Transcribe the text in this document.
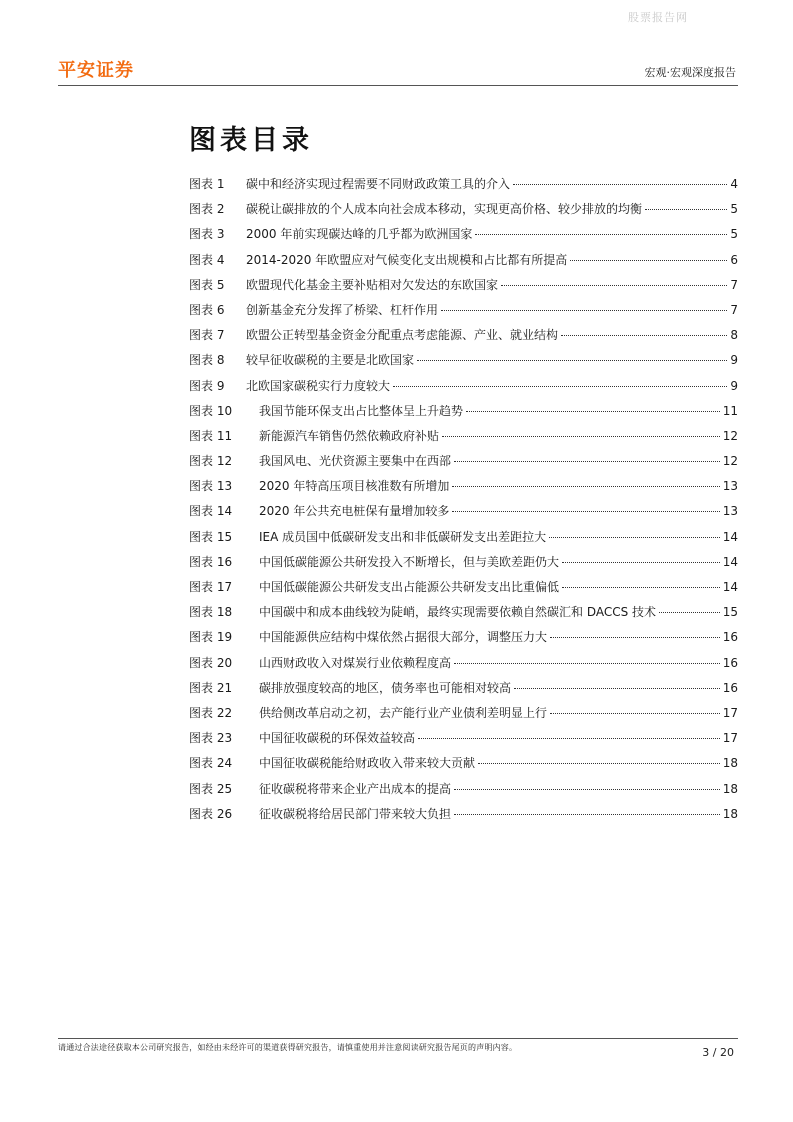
股票报告网
平安证券	宏观·宏观深度报告
图表目录
图表 1	碳中和经济实现过程需要不同财政政策工具的介入	4
图表 2	碳税让碳排放的个人成本向社会成本移动，实现更高价格、较少排放的均衡	5
图表 3	2000 年前实现碳达峰的几乎都为欧洲国家	5
图表 4	2014-2020 年欧盟应对气候变化支出规模和占比都有所提高	6
图表 5	欧盟现代化基金主要补贴相对欠发达的东欧国家	7
图表 6	创新基金充分发挥了桥梁、杠杆作用	7
图表 7	欧盟公正转型基金资金分配重点考虑能源、产业、就业结构	8
图表 8	较早征收碳税的主要是北欧国家	9
图表 9	北欧国家碳税实行力度较大	9
图表 10	我国节能环保支出占比整体呈上升趋势	11
图表 11	新能源汽车销售仍然依赖政府补贴	12
图表 12	我国风电、光伏资源主要集中在西部	12
图表 13	2020 年特高压项目核准数有所增加	13
图表 14	2020 年公共充电桩保有量增加较多	13
图表 15	IEA 成员国中低碳研发支出和非低碳研发支出差距拉大	14
图表 16	中国低碳能源公共研发投入不断增长，但与美欧差距仍大	14
图表 17	中国低碳能源公共研发支出占能源公共研发支出比重偏低	14
图表 18	中国碳中和成本曲线较为陡峭，最终实现需要依赖自然碳汇和 DACCS 技术	15
图表 19	中国能源供应结构中煤依然占据很大部分，调整压力大	16
图表 20	山西财政收入对煤炭行业依赖程度高	16
图表 21	碳排放强度较高的地区，债务率也可能相对较高	16
图表 22	供给侧改革启动之初，去产能行业产业债利差明显上行	17
图表 23	中国征收碳税的环保效益较高	17
图表 24	中国征收碳税能给财政收入带来较大贡献	18
图表 25	征收碳税将带来企业产出成本的提高	18
图表 26	征收碳税将给居民部门带来较大负担	18
请通过合法途径获取本公司研究报告，如经由未经许可的渠道获得研究报告，请慎重使用并注意阅读研究报告尾页的声明内容。	3 / 20
